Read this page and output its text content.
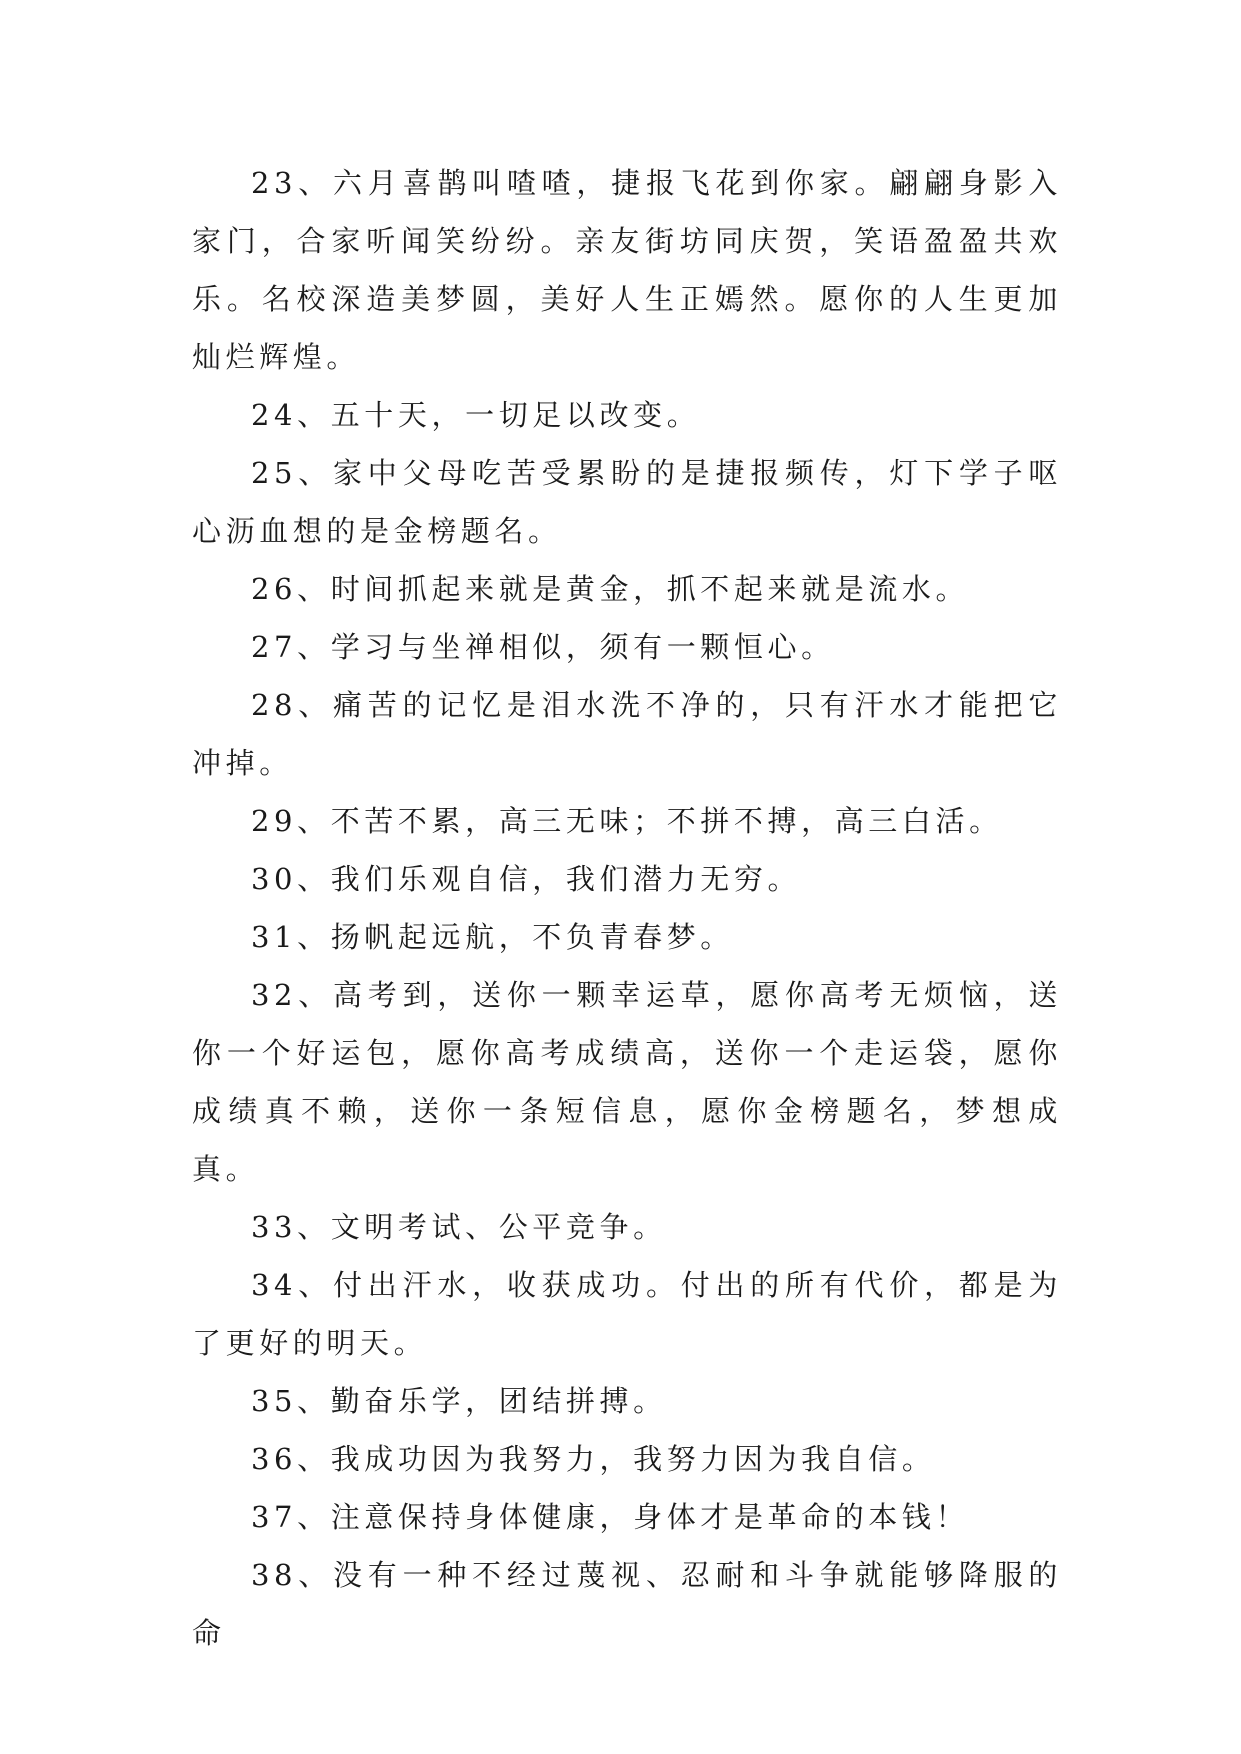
23、六月喜鹊叫喳喳，捷报飞花到你家。翩翩身影入家门，合家听闻笑纷纷。亲友街坊同庆贺，笑语盈盈共欢乐。名校深造美梦圆，美好人生正嫣然。愿你的人生更加灿烂辉煌。

24、五十天，一切足以改变。

25、家中父母吃苦受累盼的是捷报频传，灯下学子呕心沥血想的是金榜题名。

26、时间抓起来就是黄金，抓不起来就是流水。

27、学习与坐禅相似，须有一颗恒心。

28、痛苦的记忆是泪水洗不净的，只有汗水才能把它冲掉。

29、不苦不累，高三无味；不拼不搏，高三白活。

30、我们乐观自信，我们潜力无穷。

31、扬帆起远航，不负青春梦。

32、高考到，送你一颗幸运草，愿你高考无烦恼，送你一个好运包，愿你高考成绩高，送你一个走运袋，愿你成绩真不赖，送你一条短信息，愿你金榜题名，梦想成真。

33、文明考试、公平竞争。

34、付出汗水，收获成功。付出的所有代价，都是为了更好的明天。

35、勤奋乐学，团结拼搏。

36、我成功因为我努力，我努力因为我自信。

37、注意保持身体健康，身体才是革命的本钱！

38、没有一种不经过蔑视、忍耐和斗争就能够降服的命
